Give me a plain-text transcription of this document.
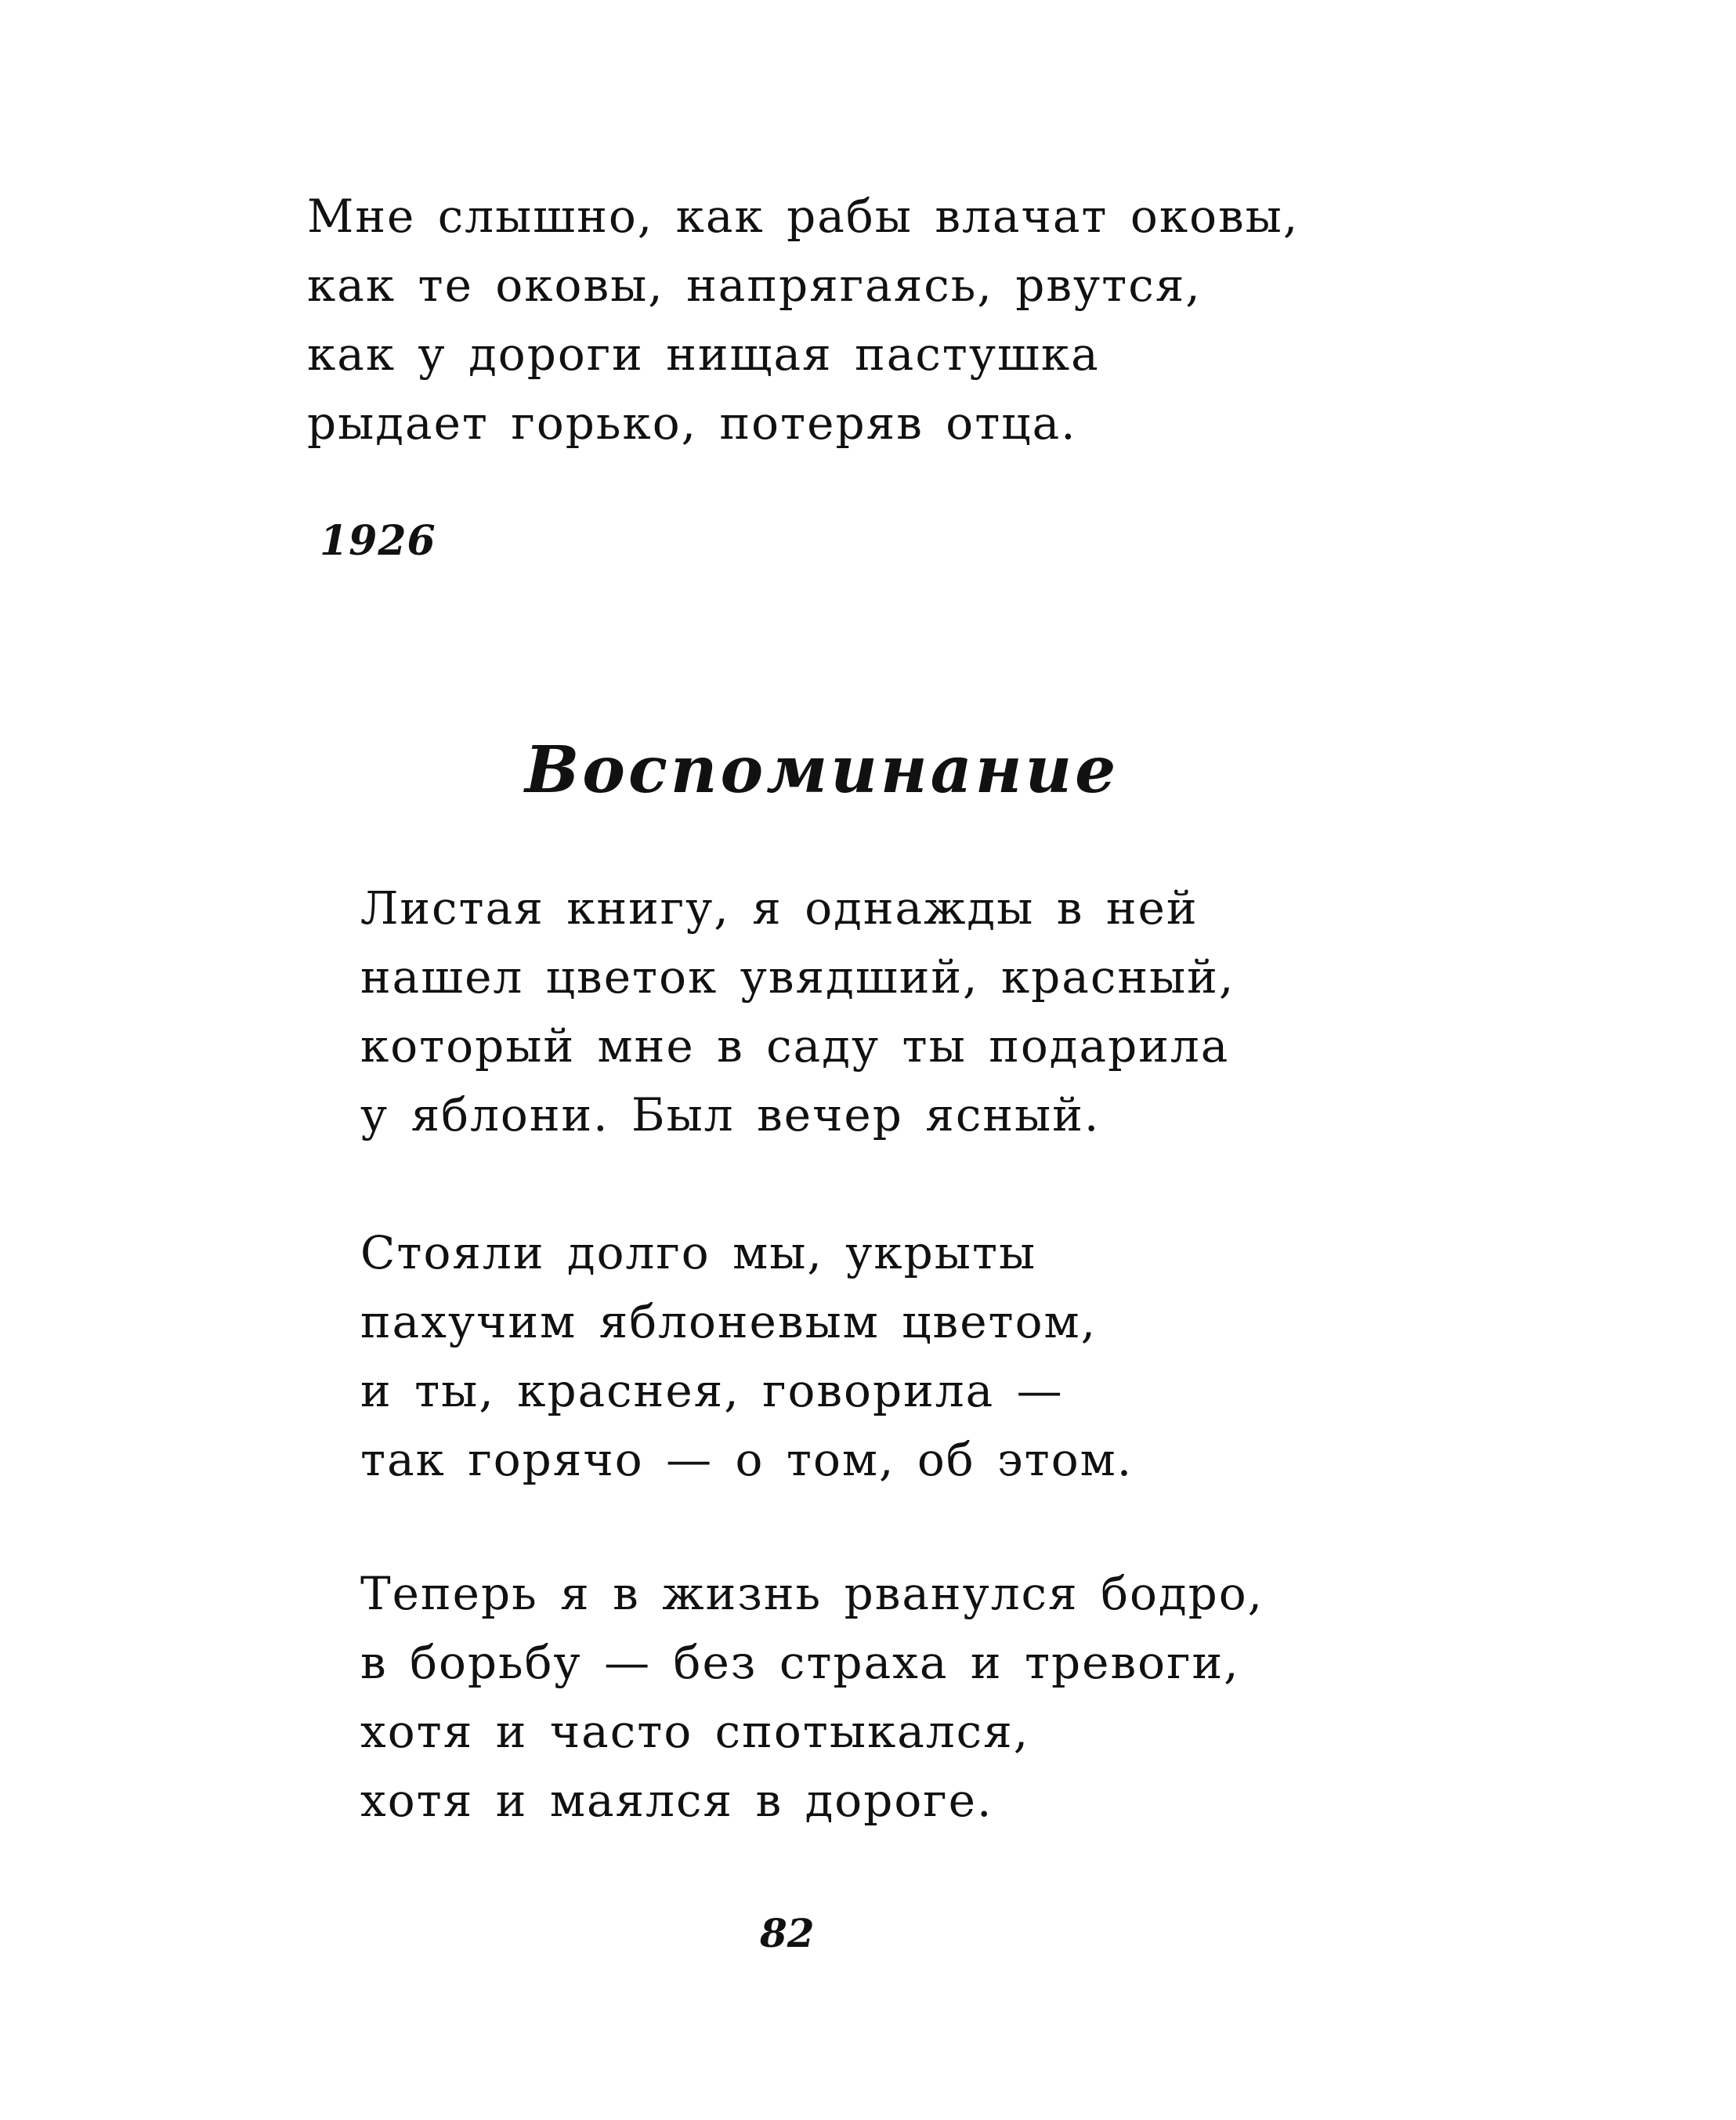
Мне слышно, как рабы влачат оковы,
как те оковы, напрягаясь, рвутся,
как у дороги нищая пастушка
рыдает горько, потеряв отца.
1926
Воспоминание
Листая книгу, я однажды в ней
нашел цветок увядший, красный,
который мне в саду ты подарила
у яблони. Был вечер ясный.
Стояли долго мы, укрыты
пахучим яблоневым цветом,
и ты, краснея, говорила —
так горячо — о том, об этом.
Теперь я в жизнь рванулся бодро,
в борьбу — без страха и тревоги,
хотя и часто спотыкался,
хотя и маялся в дороге.
82
